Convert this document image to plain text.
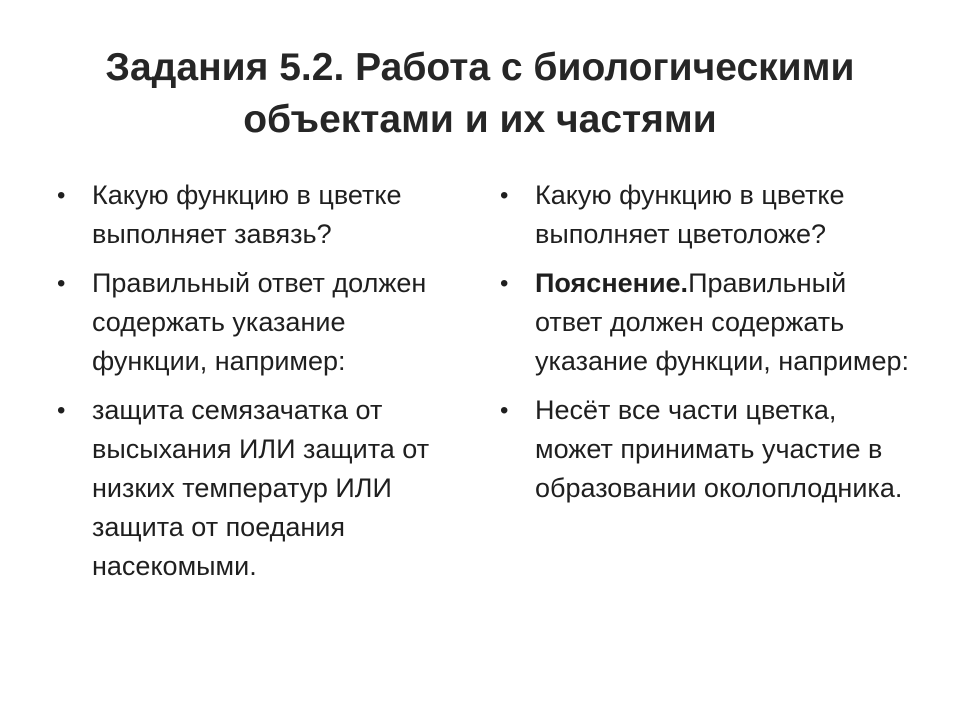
Задания 5.2. Работа с биологическими
объектами и их частями
• Какую функцию в цветке выполняет завязь?
• Правильный ответ должен содержать указание функции, например:
• защита семязачатка от высыхания ИЛИ защита от низких температур ИЛИ защита от поедания насекомыми.
• Какую функцию в цветке выполняет цветоложе?
• Пояснение.Правильный ответ должен содержать указание функции, например:
• Несёт все части цветка, может принимать участие в образовании околоплодника.
